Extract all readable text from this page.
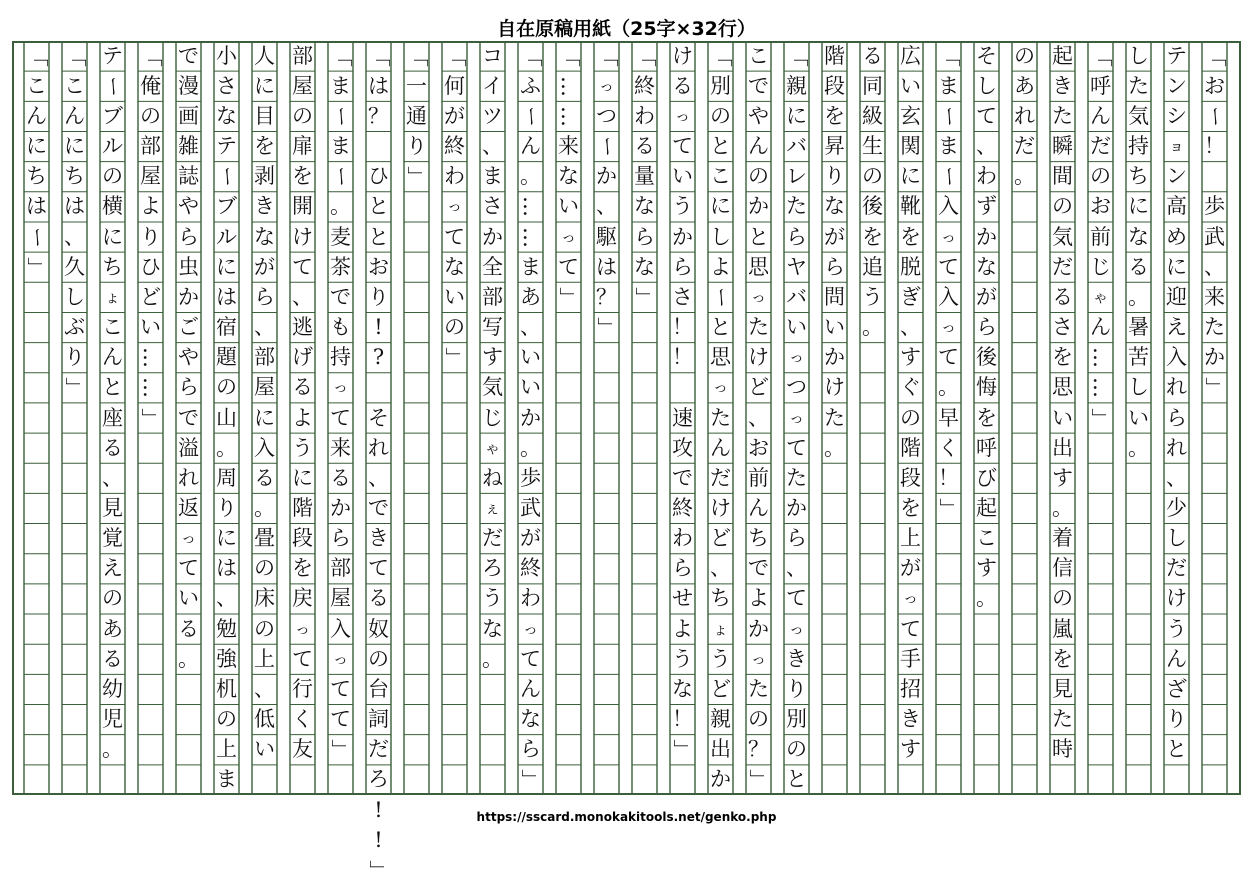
自在原稿用紙（25字×32行）
「
お
ー
！

歩
武
、
来
た
か
」
テ
ン
シ
ョ
ン
高
め
に
迎
え
入
れ
ら
れ
、
少
し
だ
け
う
ん
ざ
り
と
し
た
気
持
ち
に
な
る
。
暑
苦
し
い
。
「
呼
ん
だ
の
お
前
じ
ゃ
ん
…
…
」
起
き
た
瞬
間
の
気
だ
る
さ
を
思
い
出
す
。
着
信
の
嵐
を
見
た
時
の
あ
れ
だ
。
そ
し
て
、
わ
ず
か
な
が
ら
後
悔
を
呼
び
起
こ
す
。
「
ま
ー
ま
ー
入
っ
て
入
っ
て
。
早
く
！
」
広
い
玄
関
に
靴
を
脱
ぎ
、
す
ぐ
の
階
段
を
上
が
っ
て
手
招
き
す
る
同
級
生
の
後
を
追
う
。
階
段
を
昇
り
な
が
ら
問
い
か
け
た
。
「
親
に
バ
レ
た
ら
ヤ
バ
い
っ
つ
っ
て
た
か
ら
、
て
っ
き
り
別
の
と
こ
で
や
ん
の
か
と
思
っ
た
け
ど
、
お
前
ん
ち
で
よ
か
っ
た
の
？
」
「
別
の
と
こ
に
し
よ
ー
と
思
っ
た
ん
だ
け
ど
、
ち
ょ
う
ど
親
出
か
け
る
っ
て
い
う
か
ら
さ
！
！

速
攻
で
終
わ
ら
せ
よ
う
な
！
」
「
終
わ
る
量
な
ら
な
」
「
っ
つ
ー
か
、
駆
は
？
」
「
…
…
来
な
い
っ
て
」
「
ふ
ー
ん
。
…
…
ま
あ
、
い
い
か
。
歩
武
が
終
わ
っ
て
ん
な
ら
」
コ
イ
ツ
、
ま
さ
か
全
部
写
す
気
じ
ゃ
ね
ぇ
だ
ろ
う
な
。
「
何
が
終
わ
っ
て
な
い
の
」
「
一
通
り
」
「
は
？

ひ
と
と
お
り
!
?

そ
れ
、
で
き
て
る
奴
の
台
詞
だ
ろ
!
!
」
「
ま
ー
ま
ー
。
麦
茶
で
も
持
っ
て
来
る
か
ら
部
屋
入
っ
て
て
」
部
屋
の
扉
を
開
け
て
、
逃
げ
る
よ
う
に
階
段
を
戻
っ
て
行
く
友
人
に
目
を
剥
き
な
が
ら
、
部
屋
に
入
る
。
畳
の
床
の
上
、
低
い
小
さ
な
テ
ー
ブ
ル
に
は
宿
題
の
山
。
周
り
に
は
、
勉
強
机
の
上
ま
で
漫
画
雑
誌
や
ら
虫
か
ご
や
ら
で
溢
れ
返
っ
て
い
る
。
「
俺
の
部
屋
よ
り
ひ
ど
い
…
…
」
テ
ー
ブ
ル
の
横
に
ち
ょ
こ
ん
と
座
る
、
見
覚
え
の
あ
る
幼
児
。
「
こ
ん
に
ち
は
、
久
し
ぶ
り
」
「
こ
ん
に
ち
は
ー
」
https://sscard.monokakitools.net/genko.php
